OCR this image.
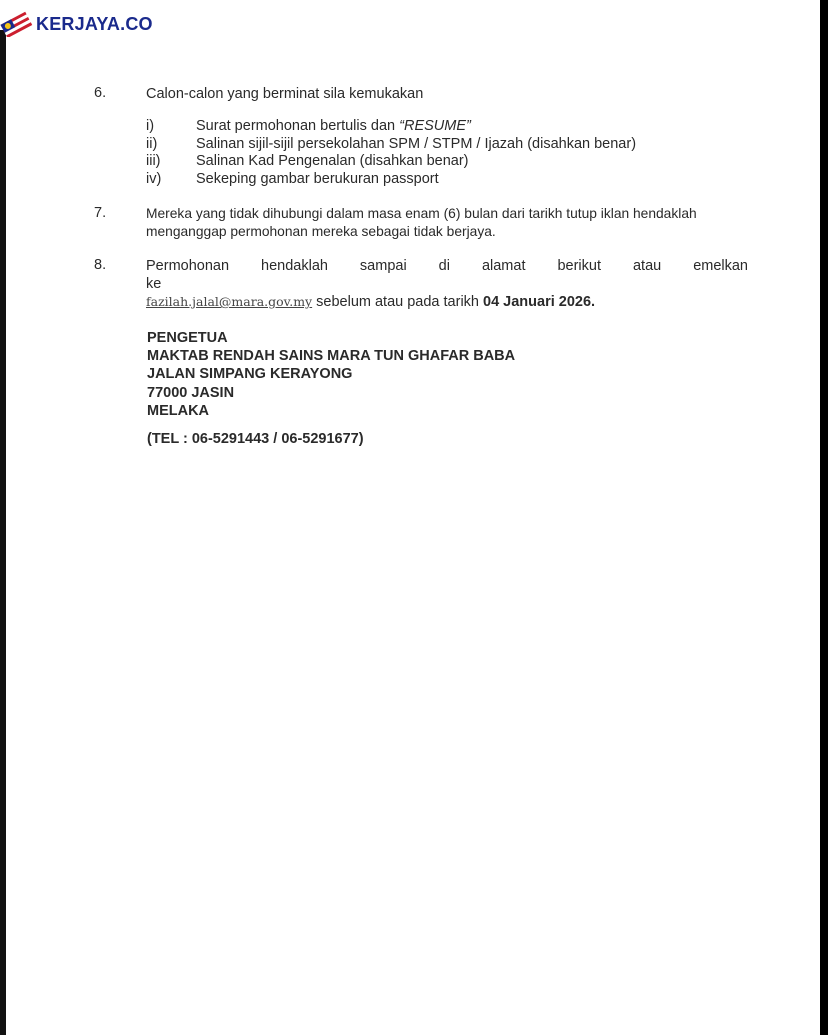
KERJAYA.CO
6.	Calon-calon yang berminat sila kemukakan
i)	Surat permohonan bertulis dan “RESUME”
ii)	Salinan sijil-sijil persekolahan SPM / STPM / Ijazah (disahkan benar)
iii)	Salinan Kad Pengenalan (disahkan benar)
iv)	Sekeping gambar berukuran passport
7.	Mereka yang tidak dihubungi dalam masa enam (6) bulan dari tarikh tutup iklan hendaklah
menganggap permohonan mereka sebagai tidak berjaya.
8.	Permohonan hendaklah sampai di alamat berikut atau emelkan ke
fazilah.jalal@mara.gov.my sebelum atau pada tarikh 04 Januari 2026.
PENGETUA
MAKTAB RENDAH SAINS MARA TUN GHAFAR BABA
JALAN SIMPANG KERAYONG
77000 JASIN
MELAKA
(TEL : 06-5291443 / 06-5291677)
